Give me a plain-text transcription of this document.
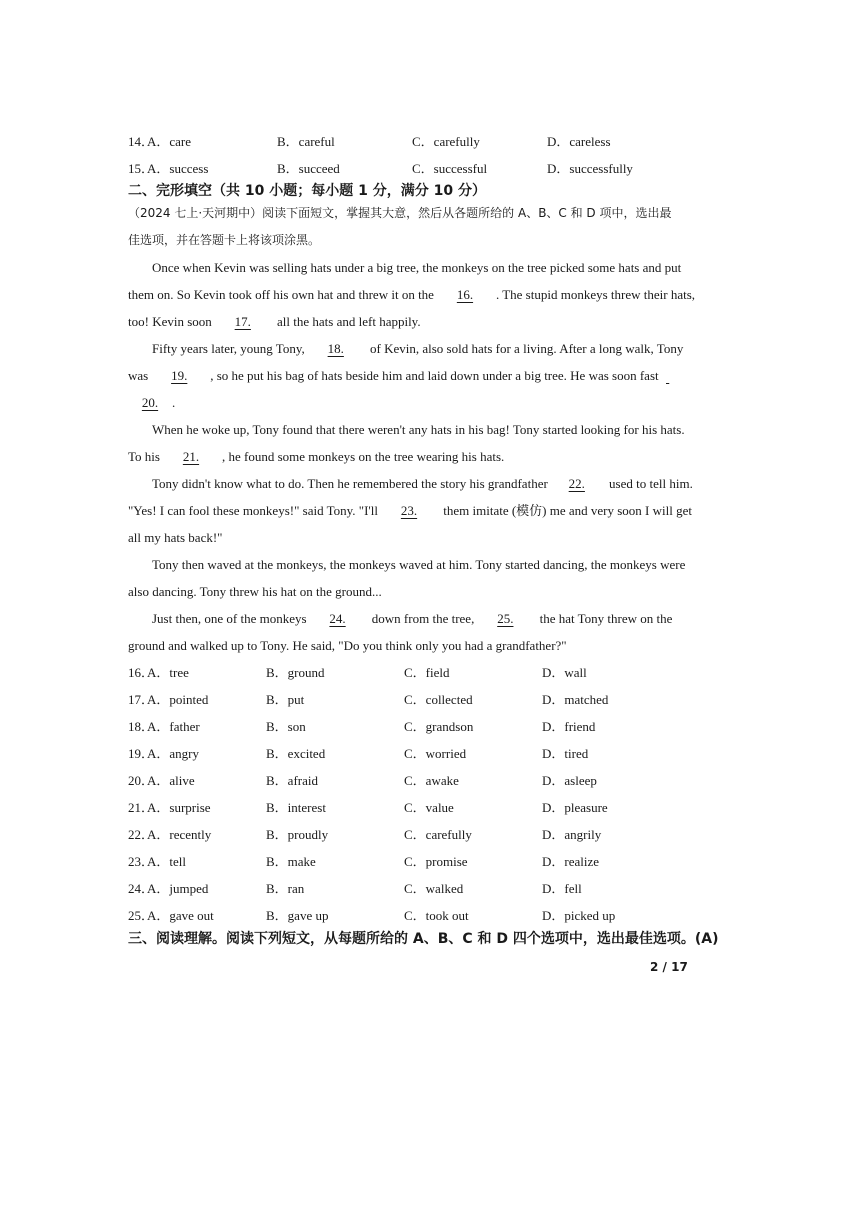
14．
A．care	B．careful	C．carefully	D．careless
15．
A．success	B．succeed	C．successful	D．successfully
二、完形填空（共 10 小题；每小题 1 分，满分 10 分）
（2024 七上·天河期中）阅读下面短文，掌握其大意，然后从各题所给的 A、B、C 和 D 项中，选出最
佳选项，并在答题卡上将该项涂黑。
Once when Kevin was selling hats under a big tree, the monkeys on the tree picked some hats and put
them on. So Kevin took off his own hat and threw it on the 16. . The stupid monkeys threw their hats,
too! Kevin soon 17. all the hats and left happily.
Fifty years later, young Tony, 18. of Kevin, also sold hats for a living. After a long walk, Tony
was 19. , so he put his bag of hats beside him and laid down under a big tree. He was soon fast
20. .
When he woke up, Tony found that there weren't any hats in his bag! Tony started looking for his hats.
To his 21. , he found some monkeys on the tree wearing his hats.
Tony didn't know what to do. Then he remembered the story his grandfather 22. used to tell him.
"Yes! I can fool these monkeys!" said Tony. "I'll 23. them imitate (模仿) me and very soon I will get
all my hats back!"
Tony then waved at the monkeys, the monkeys waved at him. Tony started dancing, the monkeys were
also dancing. Tony threw his hat on the ground...
Just then, one of the monkeys 24. down from the tree, 25. the hat Tony threw on the
ground and walked up to Tony. He said, "Do you think only you had a grandfather?"
16．
A．tree	B．ground	C．field	D．wall
17．
A．pointed	B．put	C．collected	D．matched
18．
A．father	B．son	C．grandson	D．friend
19．
A．angry	B．excited	C．worried	D．tired
20．
A．alive	B．afraid	C．awake	D．asleep
21．
A．surprise	B．interest	C．value	D．pleasure
22．
A．recently	B．proudly	C．carefully	D．angrily
23．
A．tell	B．make	C．promise	D．realize
24．
A．jumped	B．ran	C．walked	D．fell
25．
A．gave out	B．gave up	C．took out	D．picked up
三、阅读理解。阅读下列短文，从每题所给的 A、B、C 和 D 四个选项中，选出最佳选项。(A)
2 / 17
